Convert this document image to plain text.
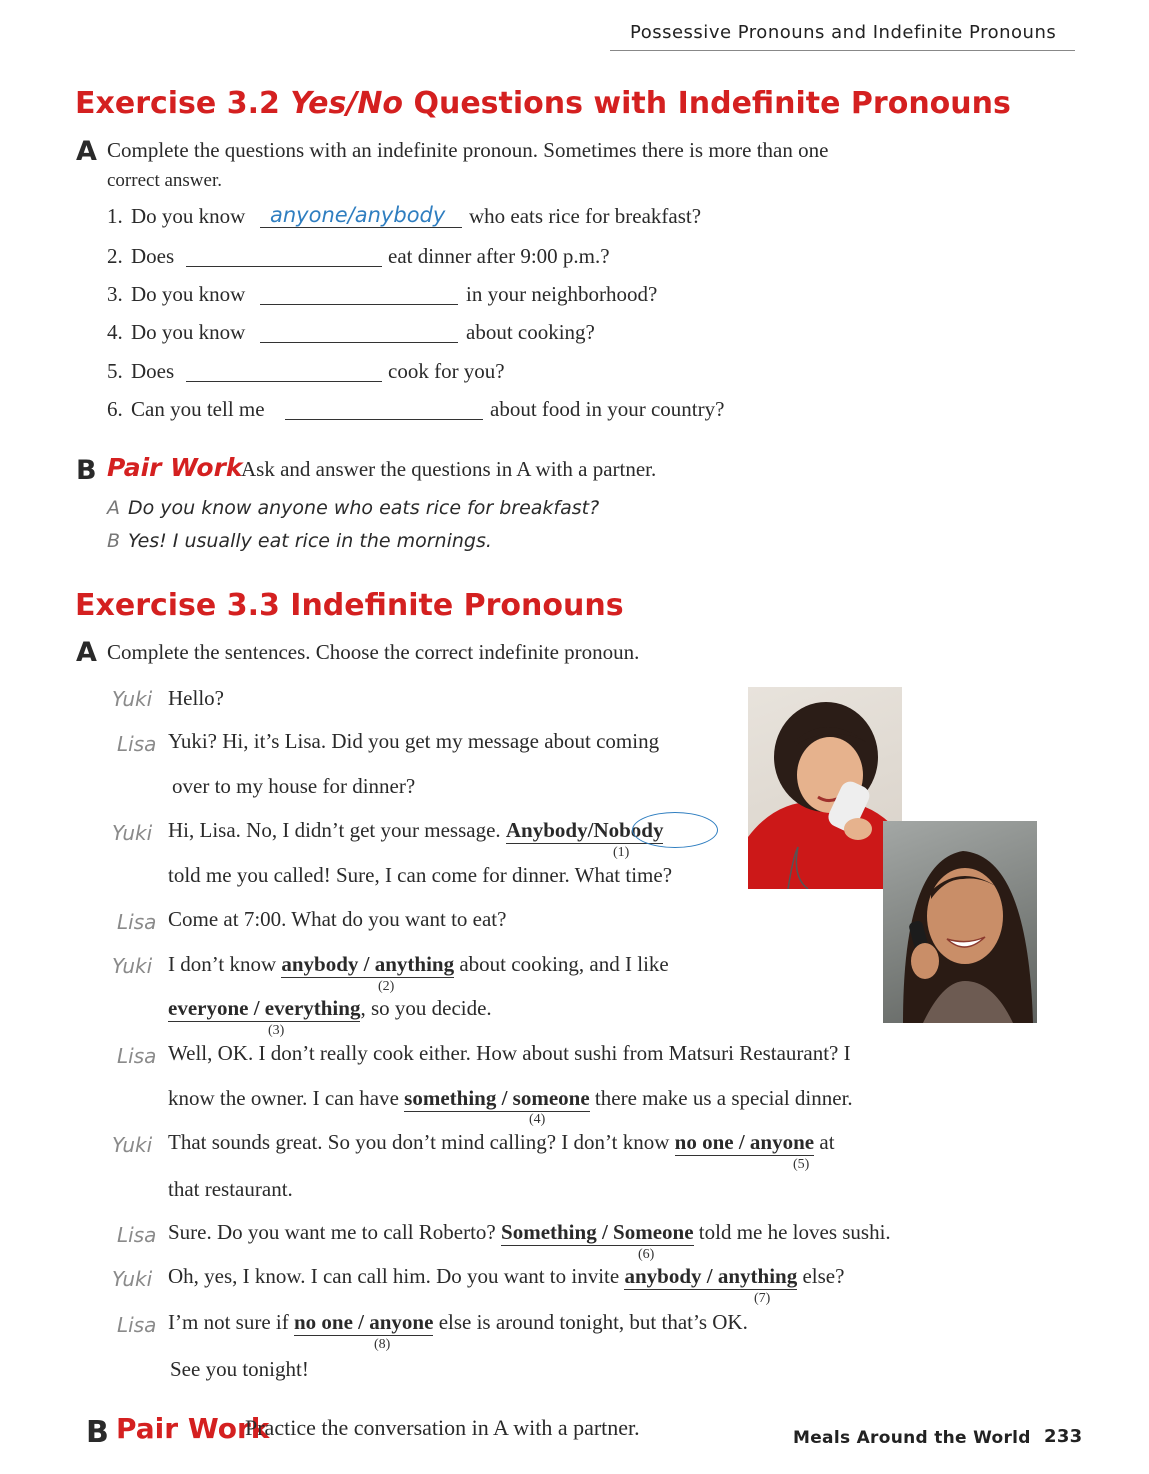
Possessive Pronouns and Indefinite Pronouns
Exercise 3.2 Yes/No Questions with Indefinite Pronouns
A Complete the questions with an indefinite pronoun. Sometimes there is more than one
correct answer.
1. Do you know anyone/anybody who eats rice for breakfast?
2. Does	eat dinner after 9:00 p.m.?
3. Do you know	in your neighborhood?
4. Do you know	about cooking?
5. Does	cook for you?
6. Can you tell me	about food in your country?
B Pair Work
Ask and answer the questions in A with a partner.
A Do you know anyone who eats rice for breakfast?
B Yes! I usually eat rice in the mornings.
Exercise 3.3 Indefinite Pronouns
A Complete the sentences. Choose the correct indefinite pronoun.
Yuki Hello?
Lisa Yuki? Hi, it’s Lisa. Did you get my message about coming
over to my house for dinner?
Yuki Hi, Lisa. No, I didn’t get your message. Anybody/Nobody
(1)
told me you called! Sure, I can come for dinner. What time?
Lisa Come at 7:00. What do you want to eat?
Yuki I don’t know anybody / anything about cooking, and I like
(2)
everyone / everything, so you decide.
(3)
Lisa Well, OK. I don’t really cook either. How about sushi from Matsuri Restaurant? I
know the owner. I can have something / someone there make us a special dinner.
(4)
Yuki That sounds great. So you don’t mind calling? I don’t know no one / anyone at
(5)
that restaurant.
Lisa Sure. Do you want me to call Roberto? Something / Someone told me he loves sushi.
(6)
Yuki Oh, yes, I know. I can call him. Do you want to invite anybody / anything else?
(7)
Lisa I’m not sure if no one / anyone else is around tonight, but that’s OK.
(8)
See you tonight!
B Pair Work
Practice the conversation in A with a partner.	Meals Around the World 233
